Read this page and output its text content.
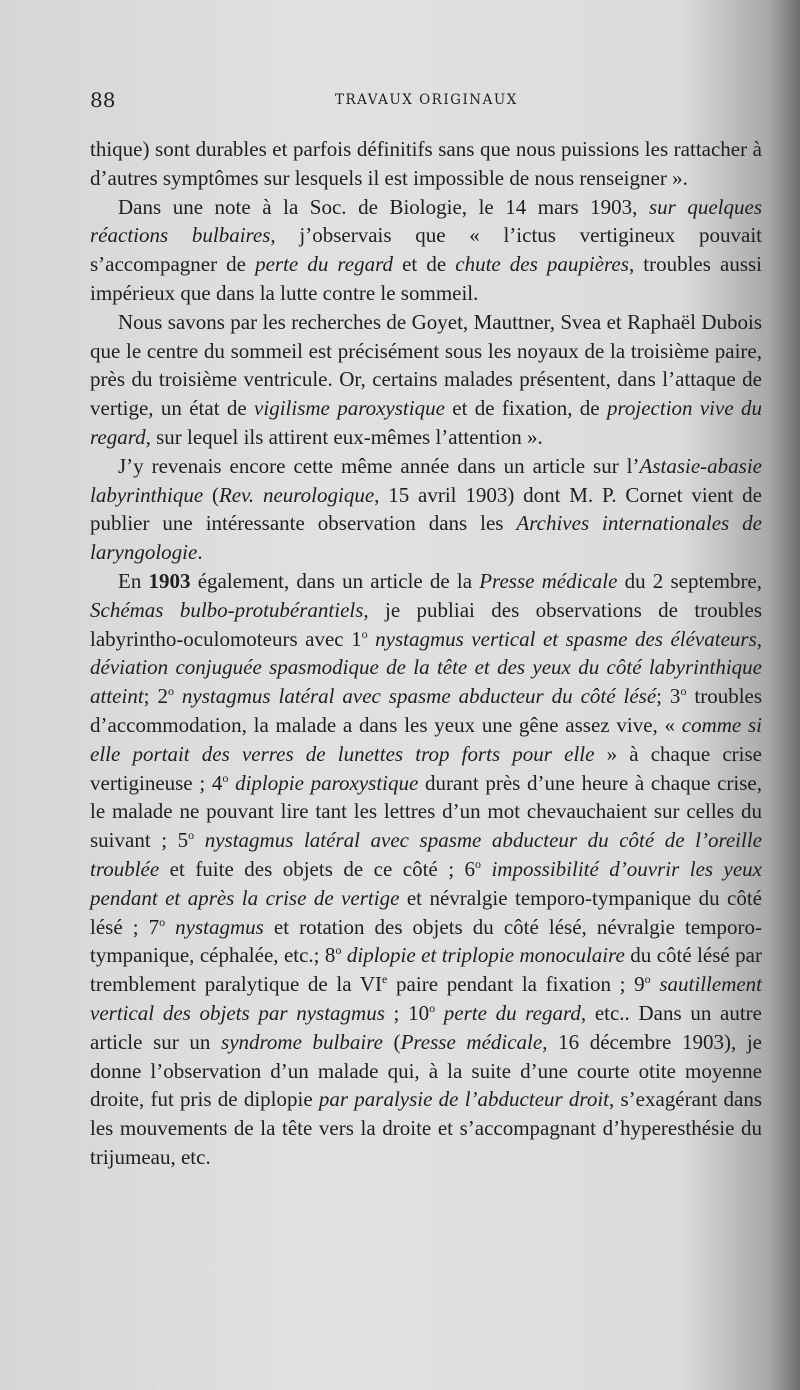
88	TRAVAUX ORIGINAUX

thique) sont durables et parfois définitifs sans que nous puissions les rattacher à d’autres symptômes sur lesquels il est impossible de nous renseigner ».

Dans une note à la Soc. de Biologie, le 14 mars 1903, sur quelques réactions bulbaires, j’observais que « l’ictus vertigineux pouvait s’accompagner de perte du regard et de chute des paupières, troubles aussi impérieux que dans la lutte contre le sommeil.

Nous savons par les recherches de Goyet, Mauttner, Svea et Raphaël Dubois que le centre du sommeil est précisément sous les noyaux de la troisième paire, près du troisième ventricule. Or, certains malades présentent, dans l’attaque de vertige, un état de vigilisme paroxystique et de fixation, de projection vive du regard, sur lequel ils attirent eux-mêmes l’attention ».

J’y revenais encore cette même année dans un article sur l’Astasie-abasie labyrinthique (Rev. neurologique, 15 avril 1903) dont M. P. Cornet vient de publier une intéressante observation dans les Archives internationales de laryngologie.

En 1903 également, dans un article de la Presse médicale du 2 septembre, Schémas bulbo-protubérantiels, je publiai des observations de troubles labyrintho-oculomoteurs avec 1$^o$ nystagmus vertical et spasme des élévateurs, déviation conjuguée spasmodique de la tête et des yeux du côté labyrinthique atteint; 2$^o$ nystagmus latéral avec spasme abducteur du côté lésé; 3$^o$ troubles d’accommodation, la malade a dans les yeux une gêne assez vive, « comme si elle portait des verres de lunettes trop forts pour elle » à chaque crise vertigineuse ; 4$^o$ diplopie paroxystique durant près d’une heure à chaque crise, le malade ne pouvant lire tant les lettres d’un mot chevauchaient sur celles du suivant ; 5$^o$ nystagmus latéral avec spasme abducteur du côté de l’oreille troublée et fuite des objets de ce côté ; 6$^o$ impossibilité d’ouvrir les yeux pendant et après la crise de vertige et névralgie temporo-tympanique du côté lésé ; 7$^o$ nystagmus et rotation des objets du côté lésé, névralgie temporo-tympanique, céphalée, etc.; 8$^o$ diplopie et triplopie monoculaire du côté lésé par tremblement paralytique de la VIe paire pendant la fixation ; 9$^o$ sautillement vertical des objets par nystagmus ; 10$^o$ perte du regard, etc.. Dans un autre article sur un syndrome bulbaire (Presse médicale, 16 décembre 1903), je donne l’observation d’un malade qui, à la suite d’une courte otite moyenne droite, fut pris de diplopie par paralysie de l’abducteur droit, s’exagérant dans les mouvements de la tête vers la droite et s’accompagnant d’hyperesthésie du trijumeau, etc.
